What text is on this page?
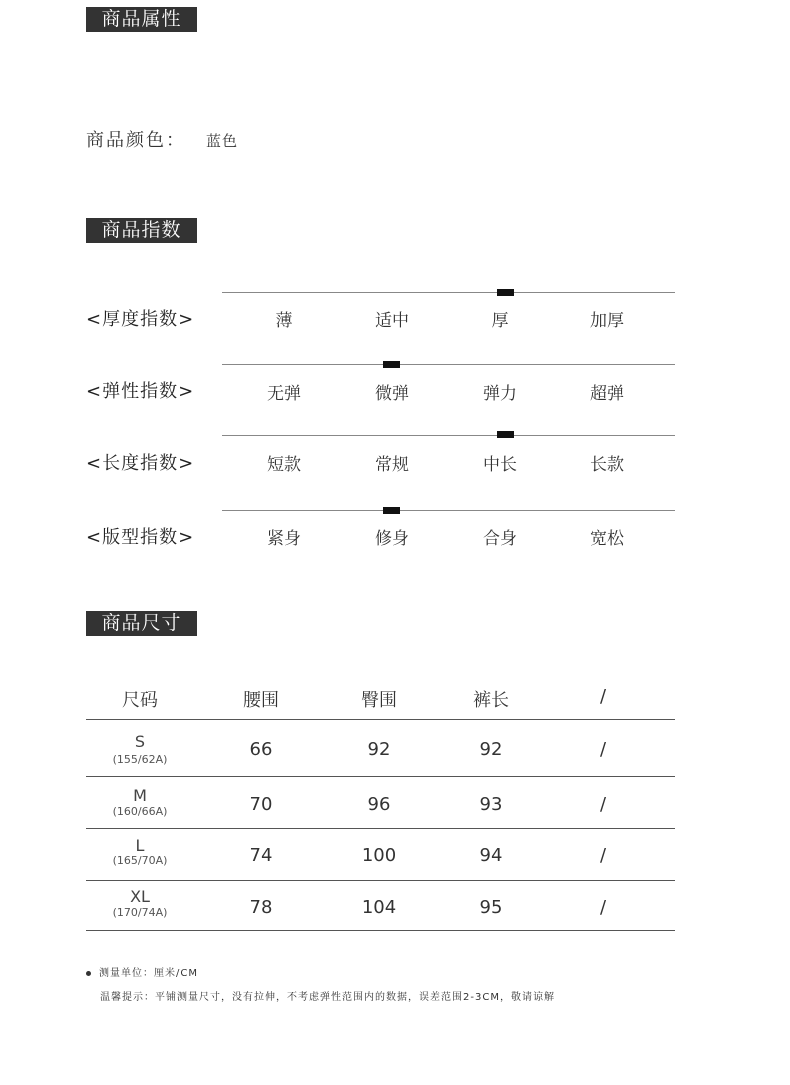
商品属性
商品颜色： 蓝色
商品指数
<厚度指数>	薄	适中	厚	加厚
<弹性指数>	无弹	微弹	弹力	超弹
<长度指数>	短款	常规	中长	长款
<版型指数>	紧身	修身	合身	宽松
商品尺寸
尺码	腰围	臀围	裤长	/
S
(155/62A)	66	92	92	/
M
(160/66A)	70	96	93	/
L
(165/70A)	74	100	94	/
XL
(170/74A)	78	104	95	/
测量单位：厘米/CM
温馨提示：平铺测量尺寸，没有拉伸，不考虑弹性范围内的数据，误差范围2-3CM，敬请谅解
